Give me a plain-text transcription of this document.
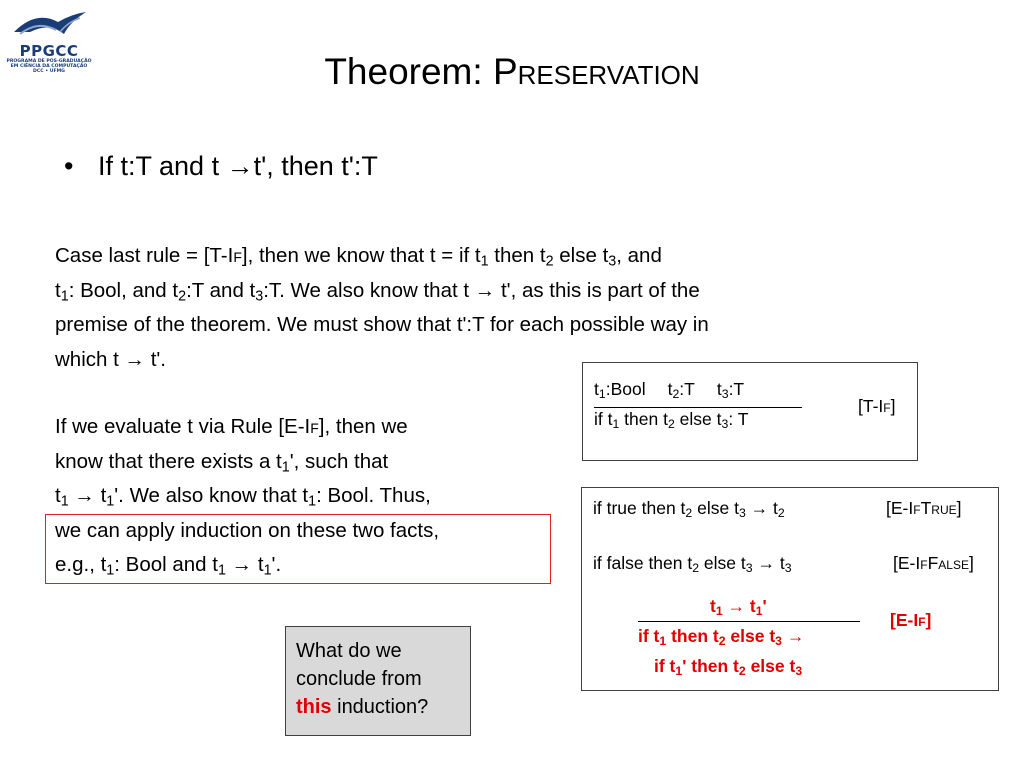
PPGCC
PROGRAMA DE PÓS-GRADUAÇÃO
EM CIÊNCIA DA COMPUTAÇÃO
DCC • UFMG	Theorem: Preservation
• If t:T and t →t', then t':T
Case last rule = [T-If], then we know that t = if $t_1$ then $t_2$ else $t_3$, and
$t_1$: Bool, and $t_2:T$ and $t_3:T$. We also know that t → t', as this is part of the
premise of the theorem. We must show that t':T for each possible way in
which t → t'.
If we evaluate t via Rule [E-If], then we
know that there exists a $t_1'$, such that
$t_1 \to t_1'$. We also know that $t_1$: Bool. Thus,
we can apply induction on these two facts,
e.g., $t_1$: Bool and $t_1 \to t_1'$.
$t_1:Bool$ $t_2:T$ $t_3:T$
if $t_1$ then $t_2$ else $t_3$: T
[T-If]
if true then $t_2$ else $t_3 \to t_2$	[E-IfTrue]
if false then $t_2$ else $t_3 \to t_3$	[E-IfFalse]
$t_1 \to t_1'$
if $t_1$ then $t_2$ else $t_3$ →
if $t_1'$ then $t_2$ else $t_3$
[E-If]
What do we
conclude from
this induction?
